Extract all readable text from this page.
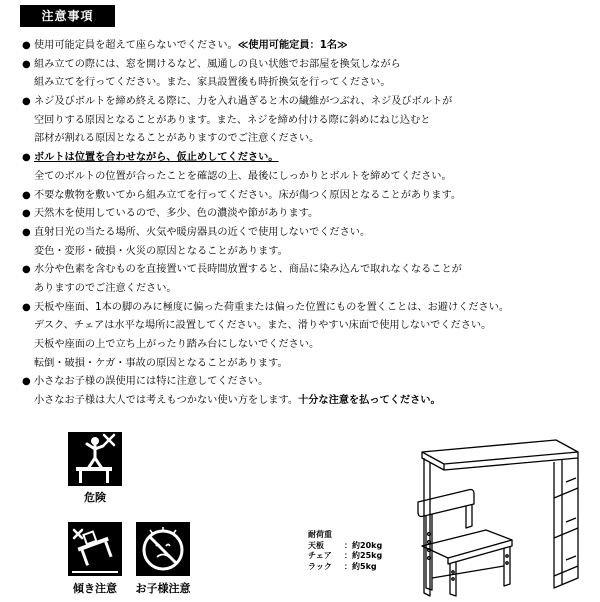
注意事項
● 使用可能定員を超えて座らないでください。≪使用可能定員：1名≫
● 組み立ての際には、窓を開けるなど、風通しの良い状態でお部屋を換気しながら
組み立てを行ってください。また、家具設置後も時折換気を行ってください。
● ネジ及びボルトを締め終える際に、力を入れ過ぎると木の繊維がつぶれ、ネジ及びボルトが
空回りする原因となることがあります。また、ネジを締め付ける際に斜めにねじ込むと
部材が割れる原因となることがありますのでご注意ください。
● ボルトは位置を合わせながら、仮止めしてください。
全てのボルトの位置が合ったことを確認の上、最後にしっかりとボルトを締めてください。
● 不要な敷物を敷いてから組み立てを行ってください。床が傷つく原因となることがあります。
● 天然木を使用しているので、多少、色の濃淡や節があります。
● 直射日光の当たる場所、火気や暖房器具の近くで使用しないでください。
変色・変形・破損・火災の原因となることがあります。
● 水分や色素を含むものを直接置いて長時間放置すると、商品に染み込んで取れなくなることが
ありますのでご注意ください。
● 天板や座面、1本の脚のみに極度に偏った荷重または偏った位置にものを置くことは、お避けください。
デスク、チェアは水平な場所に設置してください。また、滑りやすい床面で使用しないでください。
天板や座面の上で立ち上がったり踏み台にしないでください。
転倒・破損・ケガ・事故の原因となることがあります。
● 小さなお子様の誤使用には特に注意してください。
小さなお子様は大人では考えもつかない使い方をします。十分な注意を払ってください。
危険
傾き注意	お子様注意
耐荷重
天板	：約20kg
チェア ：約25kg
ラック ：約5kg
